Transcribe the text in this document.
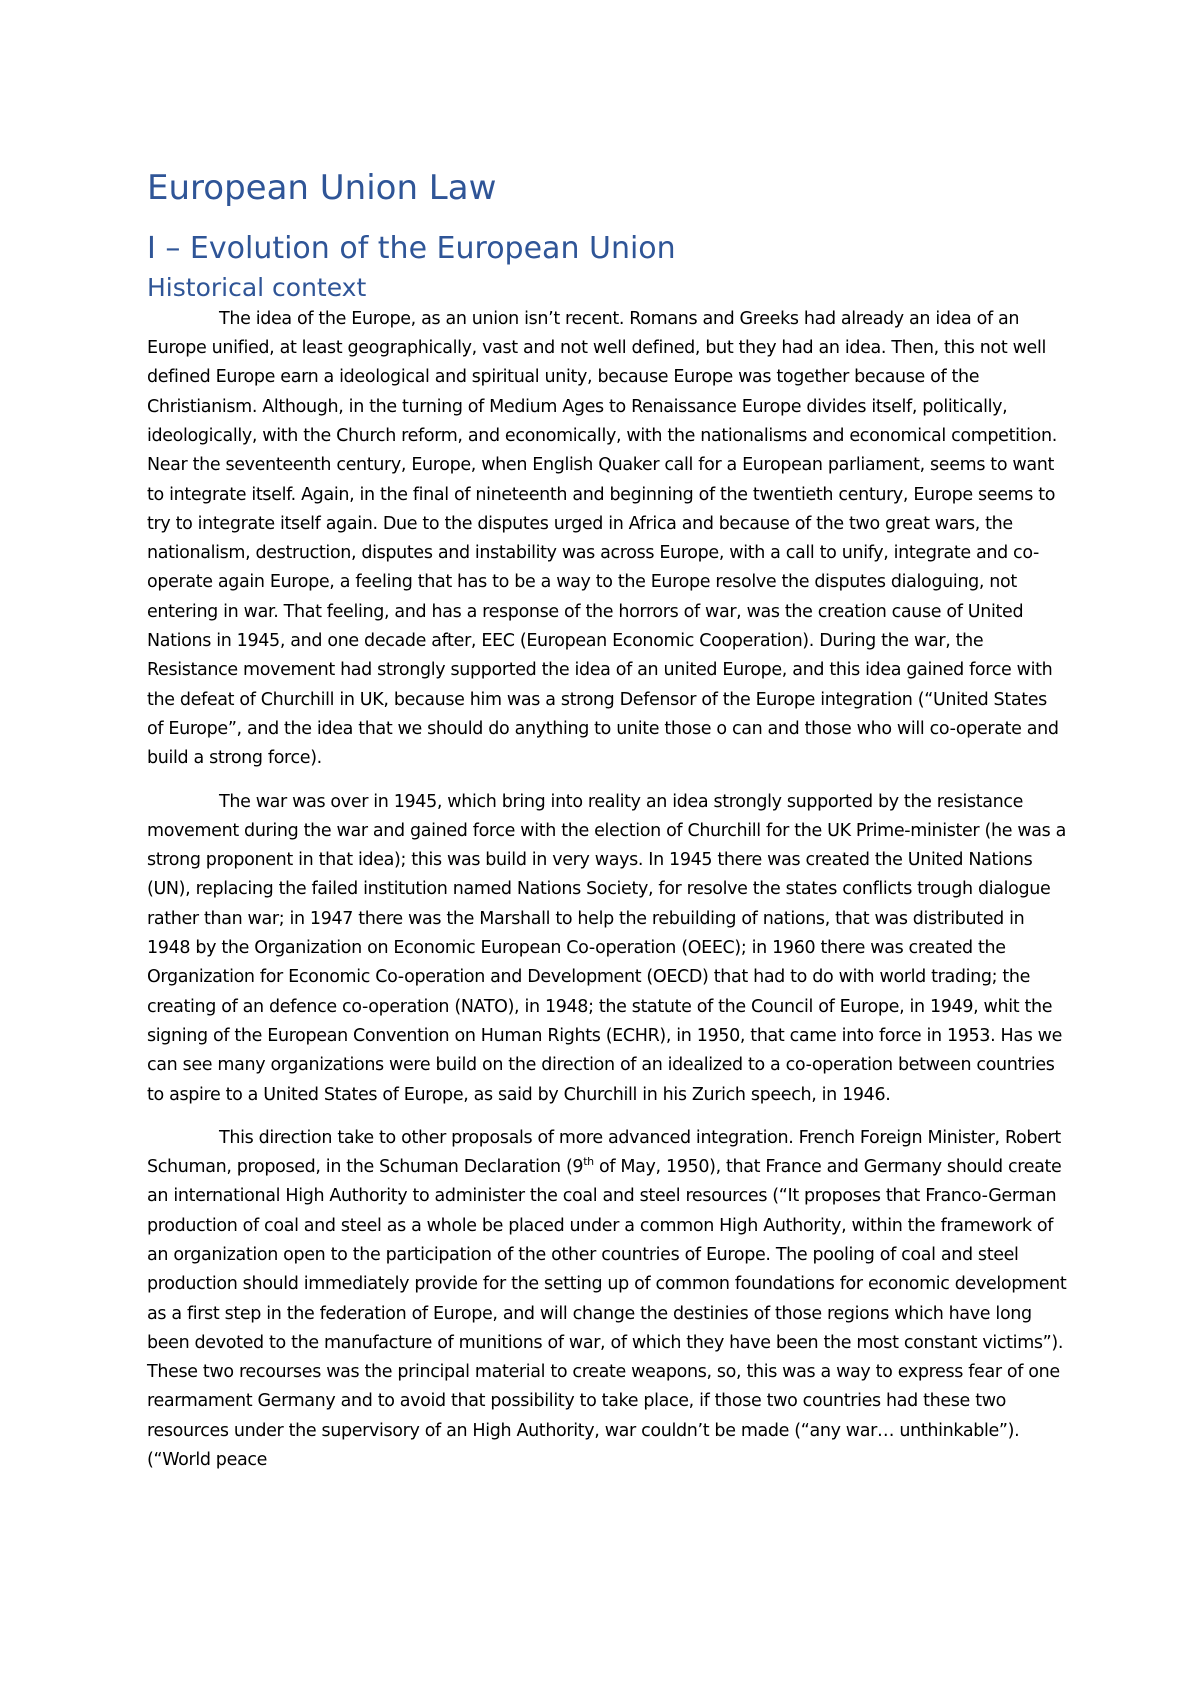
European Union Law
I – Evolution of the European Union
Historical context

The idea of the Europe, as an union isn’t recent. Romans and Greeks had already an idea of an Europe unified, at least geographically, vast and not well defined, but they had an idea. Then, this not well defined Europe earn a ideological and spiritual unity, because Europe was together because of the Christianism. Although, in the turning of Medium Ages to Renaissance Europe divides itself, politically, ideologically, with the Church reform, and economically, with the nationalisms and economical competition. Near the seventeenth century, Europe, when English Quaker call for a European parliament, seems to want to integrate itself. Again, in the final of nineteenth and beginning of the twentieth century, Europe seems to try to integrate itself again. Due to the disputes urged in Africa and because of the two great wars, the nationalism, destruction, disputes and instability was across Europe, with a call to unify, integrate and co-operate again Europe, a feeling that has to be a way to the Europe resolve the disputes dialoguing, not entering in war. That feeling, and has a response of the horrors of war, was the creation cause of United Nations in 1945, and one decade after, EEC (European Economic Cooperation). During the war, the Resistance movement had strongly supported the idea of an united Europe, and this idea gained force with the defeat of Churchill in UK, because him was a strong Defensor of the Europe integration (“United States of Europe”, and the idea that we should do anything to unite those o can and those who will co-operate and build a strong force).

The war was over in 1945, which bring into reality an idea strongly supported by the resistance movement during the war and gained force with the election of Churchill for the UK Prime-minister (he was a strong proponent in that idea); this was build in very ways. In 1945 there was created the United Nations (UN), replacing the failed institution named Nations Society, for resolve the states conflicts trough dialogue rather than war; in 1947 there was the Marshall to help the rebuilding of nations, that was distributed in 1948 by the Organization on Economic European Co-operation (OEEC); in 1960 there was created the Organization for Economic Co-operation and Development (OECD) that had to do with world trading; the creating of an defence co-operation (NATO), in 1948; the statute of the Council of Europe, in 1949, whit the signing of the European Convention on Human Rights (ECHR), in 1950, that came into force in 1953. Has we can see many organizations were build on the direction of an idealized to a co-operation between countries to aspire to a United States of Europe, as said by Churchill in his Zurich speech, in 1946.

This direction take to other proposals of more advanced integration. French Foreign Minister, Robert Schuman, proposed, in the Schuman Declaration (9th of May, 1950), that France and Germany should create an international High Authority to administer the coal and steel resources (“It proposes that Franco-German production of coal and steel as a whole be placed under a common High Authority, within the framework of an organization open to the participation of the other countries of Europe. The pooling of coal and steel production should immediately provide for the setting up of common foundations for economic development as a first step in the federation of Europe, and will change the destinies of those regions which have long been devoted to the manufacture of munitions of war, of which they have been the most constant victims”). These two recourses was the principal material to create weapons, so, this was a way to express fear of one rearmament Germany and to avoid that possibility to take place, if those two countries had these two resources under the supervisory of an High Authority, war couldn’t be made (“any war… unthinkable”). (“World peace
